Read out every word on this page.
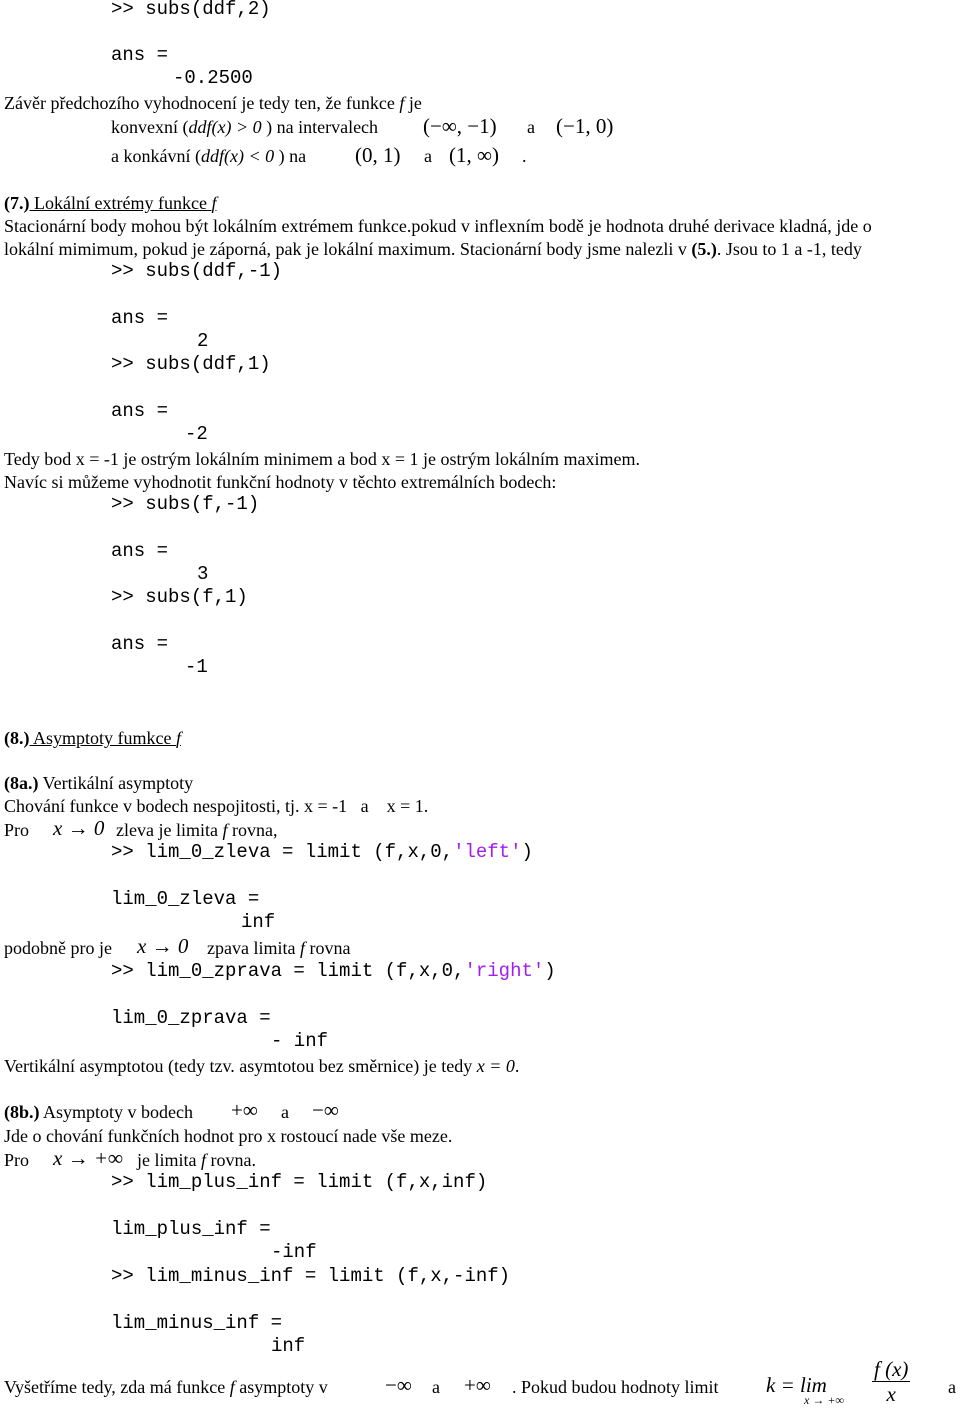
>> subs(ddf,2)
ans =
-0.2500
Závěr předchozího vyhodnocení je tedy ten, že funkce f je
konvexní (ddf(x) > 0 ) na intervalech (−∞, −1) a (−1, 0)
a konkávní (ddf(x) < 0 ) na (0, 1) a (1, ∞) .
(7.) Lokální extrémy funkce f
Stacionární body mohou být lokálním extrémem funkce.pokud v inflexním bodě je hodnota druhé derivace kladná, jde o
lokální mimimum, pokud je záporná, pak je lokální maximum. Stacionární body jsme nalezli v (5.). Jsou to 1 a -1, tedy
>> subs(ddf,-1)
ans =
2
>> subs(ddf,1)
ans =
-2
Tedy bod x = -1 je ostrým lokálním minimem a bod x = 1 je ostrým lokálním maximem.
Navíc si můžeme vyhodnotit funkční hodnoty v těchto extremálních bodech:
>> subs(f,-1)
ans =
3
>> subs(f,1)
ans =
-1
(8.) Asymptoty fumkce f
(8a.) Vertikální asymptoty
Chování funkce v bodech nespojitosti, tj. x = -1   a    x = 1.
Pro x → 0 zleva je limita f rovna,
>> lim_0_zleva = limit (f,x,0,'left')
lim_0_zleva =
inf
podobně pro je x → 0 zpava limita f rovna
>> lim_0_zprava = limit (f,x,0,'right')
lim_0_zprava =
- inf
Vertikální asymptotou (tedy tzv. asymtotou bez směrnice) je tedy x = 0.
(8b.) Asymptoty v bodech +∞ a −∞
Jde o chování funkčních hodnot pro x rostoucí nade vše meze.
Pro x → +∞ je limita f rovna.
>> lim_plus_inf = limit (f,x,inf)
lim_plus_inf =
-inf
>> lim_minus_inf = limit (f,x,-inf)
lim_minus_inf =
inf
Vyšetříme tedy, zda má funkce f asymptoty v	−∞ a +∞ . Pokud budou hodnoty limit k = lim
x → +∞ $\frac{f (x)}{x}$ a
